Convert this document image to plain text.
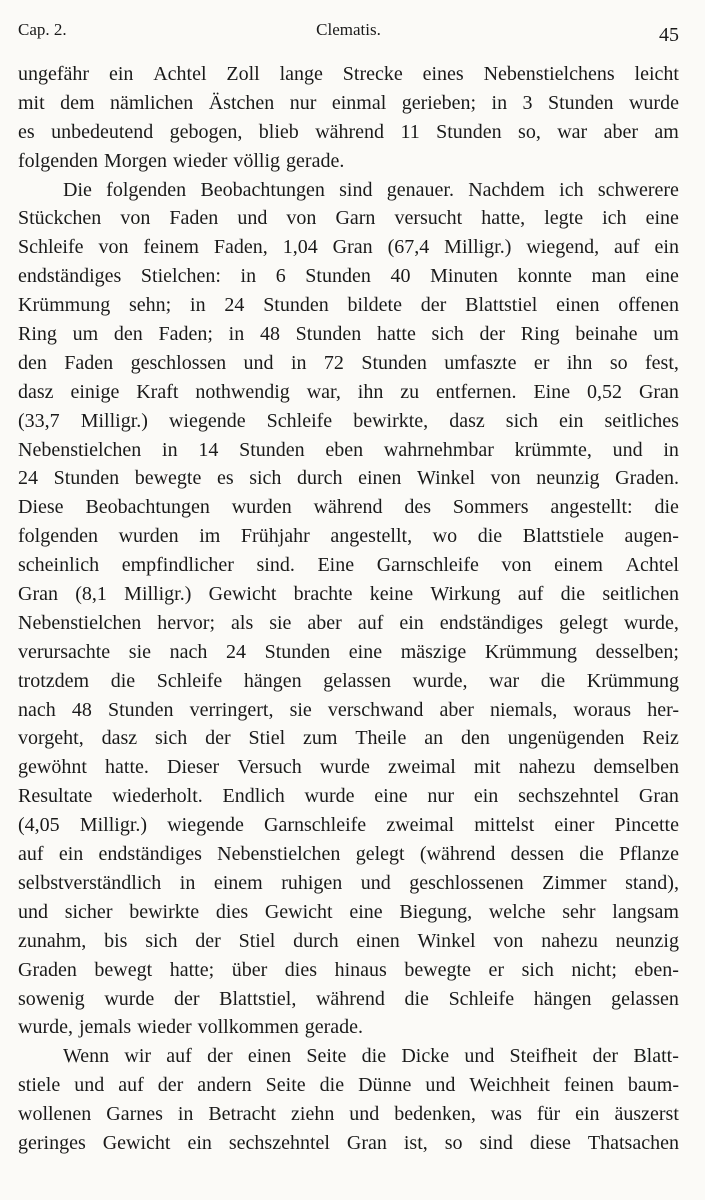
Cap. 2.	Clematis.	45
ungefähr ein Achtel Zoll lange Strecke eines Nebenstielchens leicht
mit dem nämlichen Ästchen nur einmal gerieben; in 3 Stunden wurde
es unbedeutend gebogen, blieb während 11 Stunden so, war aber am
folgenden Morgen wieder völlig gerade.
Die folgenden Beobachtungen sind genauer. Nachdem ich schwerere
Stückchen von Faden und von Garn versucht hatte, legte ich eine
Schleife von feinem Faden, 1,04 Gran (67,4 Milligr.) wiegend, auf ein
endständiges Stielchen: in 6 Stunden 40 Minuten konnte man eine
Krümmung sehn; in 24 Stunden bildete der Blattstiel einen offenen
Ring um den Faden; in 48 Stunden hatte sich der Ring beinahe um
den Faden geschlossen und in 72 Stunden umfaszte er ihn so fest,
dasz einige Kraft nothwendig war, ihn zu entfernen. Eine 0,52 Gran
(33,7 Milligr.) wiegende Schleife bewirkte, dasz sich ein seitliches
Nebenstielchen in 14 Stunden eben wahrnehmbar krümmte, und in
24 Stunden bewegte es sich durch einen Winkel von neunzig Graden.
Diese Beobachtungen wurden während des Sommers angestellt: die
folgenden wurden im Frühjahr angestellt, wo die Blattstiele augen-
scheinlich empfindlicher sind. Eine Garnschleife von einem Achtel
Gran (8,1 Milligr.) Gewicht brachte keine Wirkung auf die seitlichen
Nebenstielchen hervor; als sie aber auf ein endständiges gelegt wurde,
verursachte sie nach 24 Stunden eine mäszige Krümmung desselben;
trotzdem die Schleife hängen gelassen wurde, war die Krümmung
nach 48 Stunden verringert, sie verschwand aber niemals, woraus her-
vorgeht, dasz sich der Stiel zum Theile an den ungenügenden Reiz
gewöhnt hatte. Dieser Versuch wurde zweimal mit nahezu demselben
Resultate wiederholt. Endlich wurde eine nur ein sechszehntel Gran
(4,05 Milligr.) wiegende Garnschleife zweimal mittelst einer Pincette
auf ein endständiges Nebenstielchen gelegt (während dessen die Pflanze
selbstverständlich in einem ruhigen und geschlossenen Zimmer stand),
und sicher bewirkte dies Gewicht eine Biegung, welche sehr langsam
zunahm, bis sich der Stiel durch einen Winkel von nahezu neunzig
Graden bewegt hatte; über dies hinaus bewegte er sich nicht; eben-
sowenig wurde der Blattstiel, während die Schleife hängen gelassen
wurde, jemals wieder vollkommen gerade.
Wenn wir auf der einen Seite die Dicke und Steifheit der Blatt-
stiele und auf der andern Seite die Dünne und Weichheit feinen baum-
wollenen Garnes in Betracht ziehn und bedenken, was für ein äuszerst
geringes Gewicht ein sechszehntel Gran ist, so sind diese Thatsachen
